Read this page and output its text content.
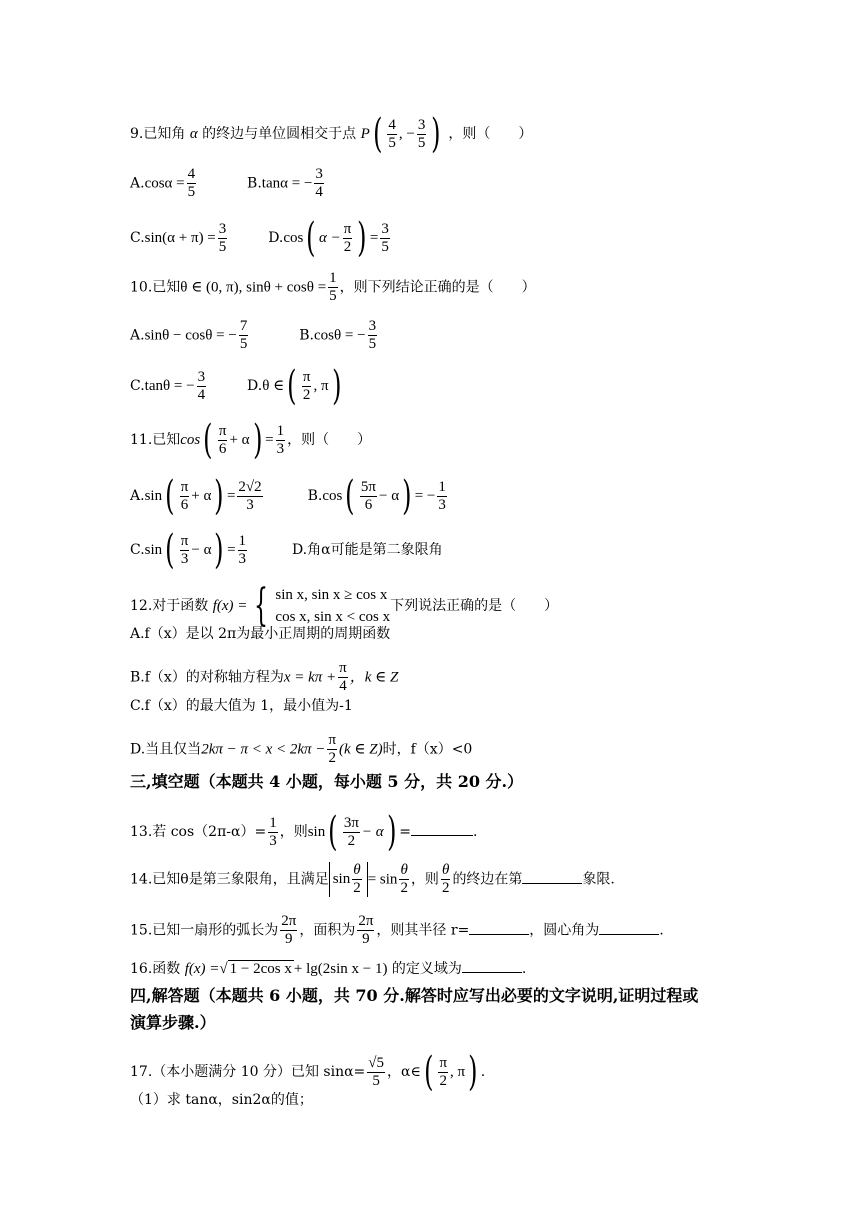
9.已知角 α 的终边与单位圆相交于点 $P( \frac{4}{5}$ , − $\frac{3}{5}$ ) ，则（　　）
$A.\cos\alpha = \frac{4}{5}$	B.tanα = − $\frac{3}{4}$
$C.\sin(\alpha + \pi) = \frac{3}{5}$	D.cos( $\alpha - \frac{\pi}{2}$ ) = $\frac{3}{5}$
10.已知θ ∈ (0, π), $\sin\theta + \cos\theta = \frac{1}{5}$ ，则下列结论正确的是（　　）
A.sinθ − cosθ = − $\frac{7}{5}$	B.cosθ = − $\frac{3}{5}$
C.tanθ = − $\frac{3}{4}$	D.θ ∈( $\frac{\pi}{2}$ , π)
11.已知$\cos( \frac{\pi}{6} + \alpha) = \frac{1}{3}$ ，则（　　）
$A.\sin( \frac{\pi}{6} + \alpha) = \frac{2√2}{3}$	$B.\cos( \frac{5\pi}{6} - \alpha)$ = − $\frac{1}{3}$
$C.\sin( \frac{\pi}{3} - \alpha) = \frac{1}{3}$	D.角α可能是第二象限角
12.对于函数 f(x) = { sin x, sin x ≥ cos x
cos x, sin x < cos x
下列说法正确的是（　　）
A.f（x）是以 2π为最小正周期的周期函数
B.f（x）的对称轴方程为$x = k\pi + \frac{\pi}{4}$ ，k ∈ Z
C.f（x）的最大值为 1，最小值为-1
D.当且仅当$2k\pi - \pi < x < 2k\pi - \frac{\pi}{2} (k$ ∈ Z)时，f（x）<0
三,填空题（本题共 4 小题，每小题 5 分，共 20 分.）
13.若 $\cos(2\pi-\alpha)= \frac{1}{3}$ ，则$\sin( \frac{3\pi}{2} - \alpha)$ =	.
14.已知θ是第三象限角，且满足 $\sin \frac{\theta}{2} = \sin \frac{\theta}{2}$ ，则 $\frac{\theta}{2}$ 的终边在第	象限.
15.已知一扇形的弧长为 $\frac{2\pi}{9}$ ，面积为 $\frac{2\pi}{9}$ ，则其半径 r=	，圆心角为	.
16.函数 f(x) =√ 1 − 2cos x + lg(2sin x − 1) 的定义域为	.
四,解答题（本题共 6 小题，共 70 分.解答时应写出必要的文字说明,证明过程或
演算步骤.）
17.（本小题满分 10 分）已知 $\sin\alpha= \frac{√5}{5}$ ，α∈( $\frac{\pi}{2}$ , π) .
（1）求 tanα，sin2α的值；
